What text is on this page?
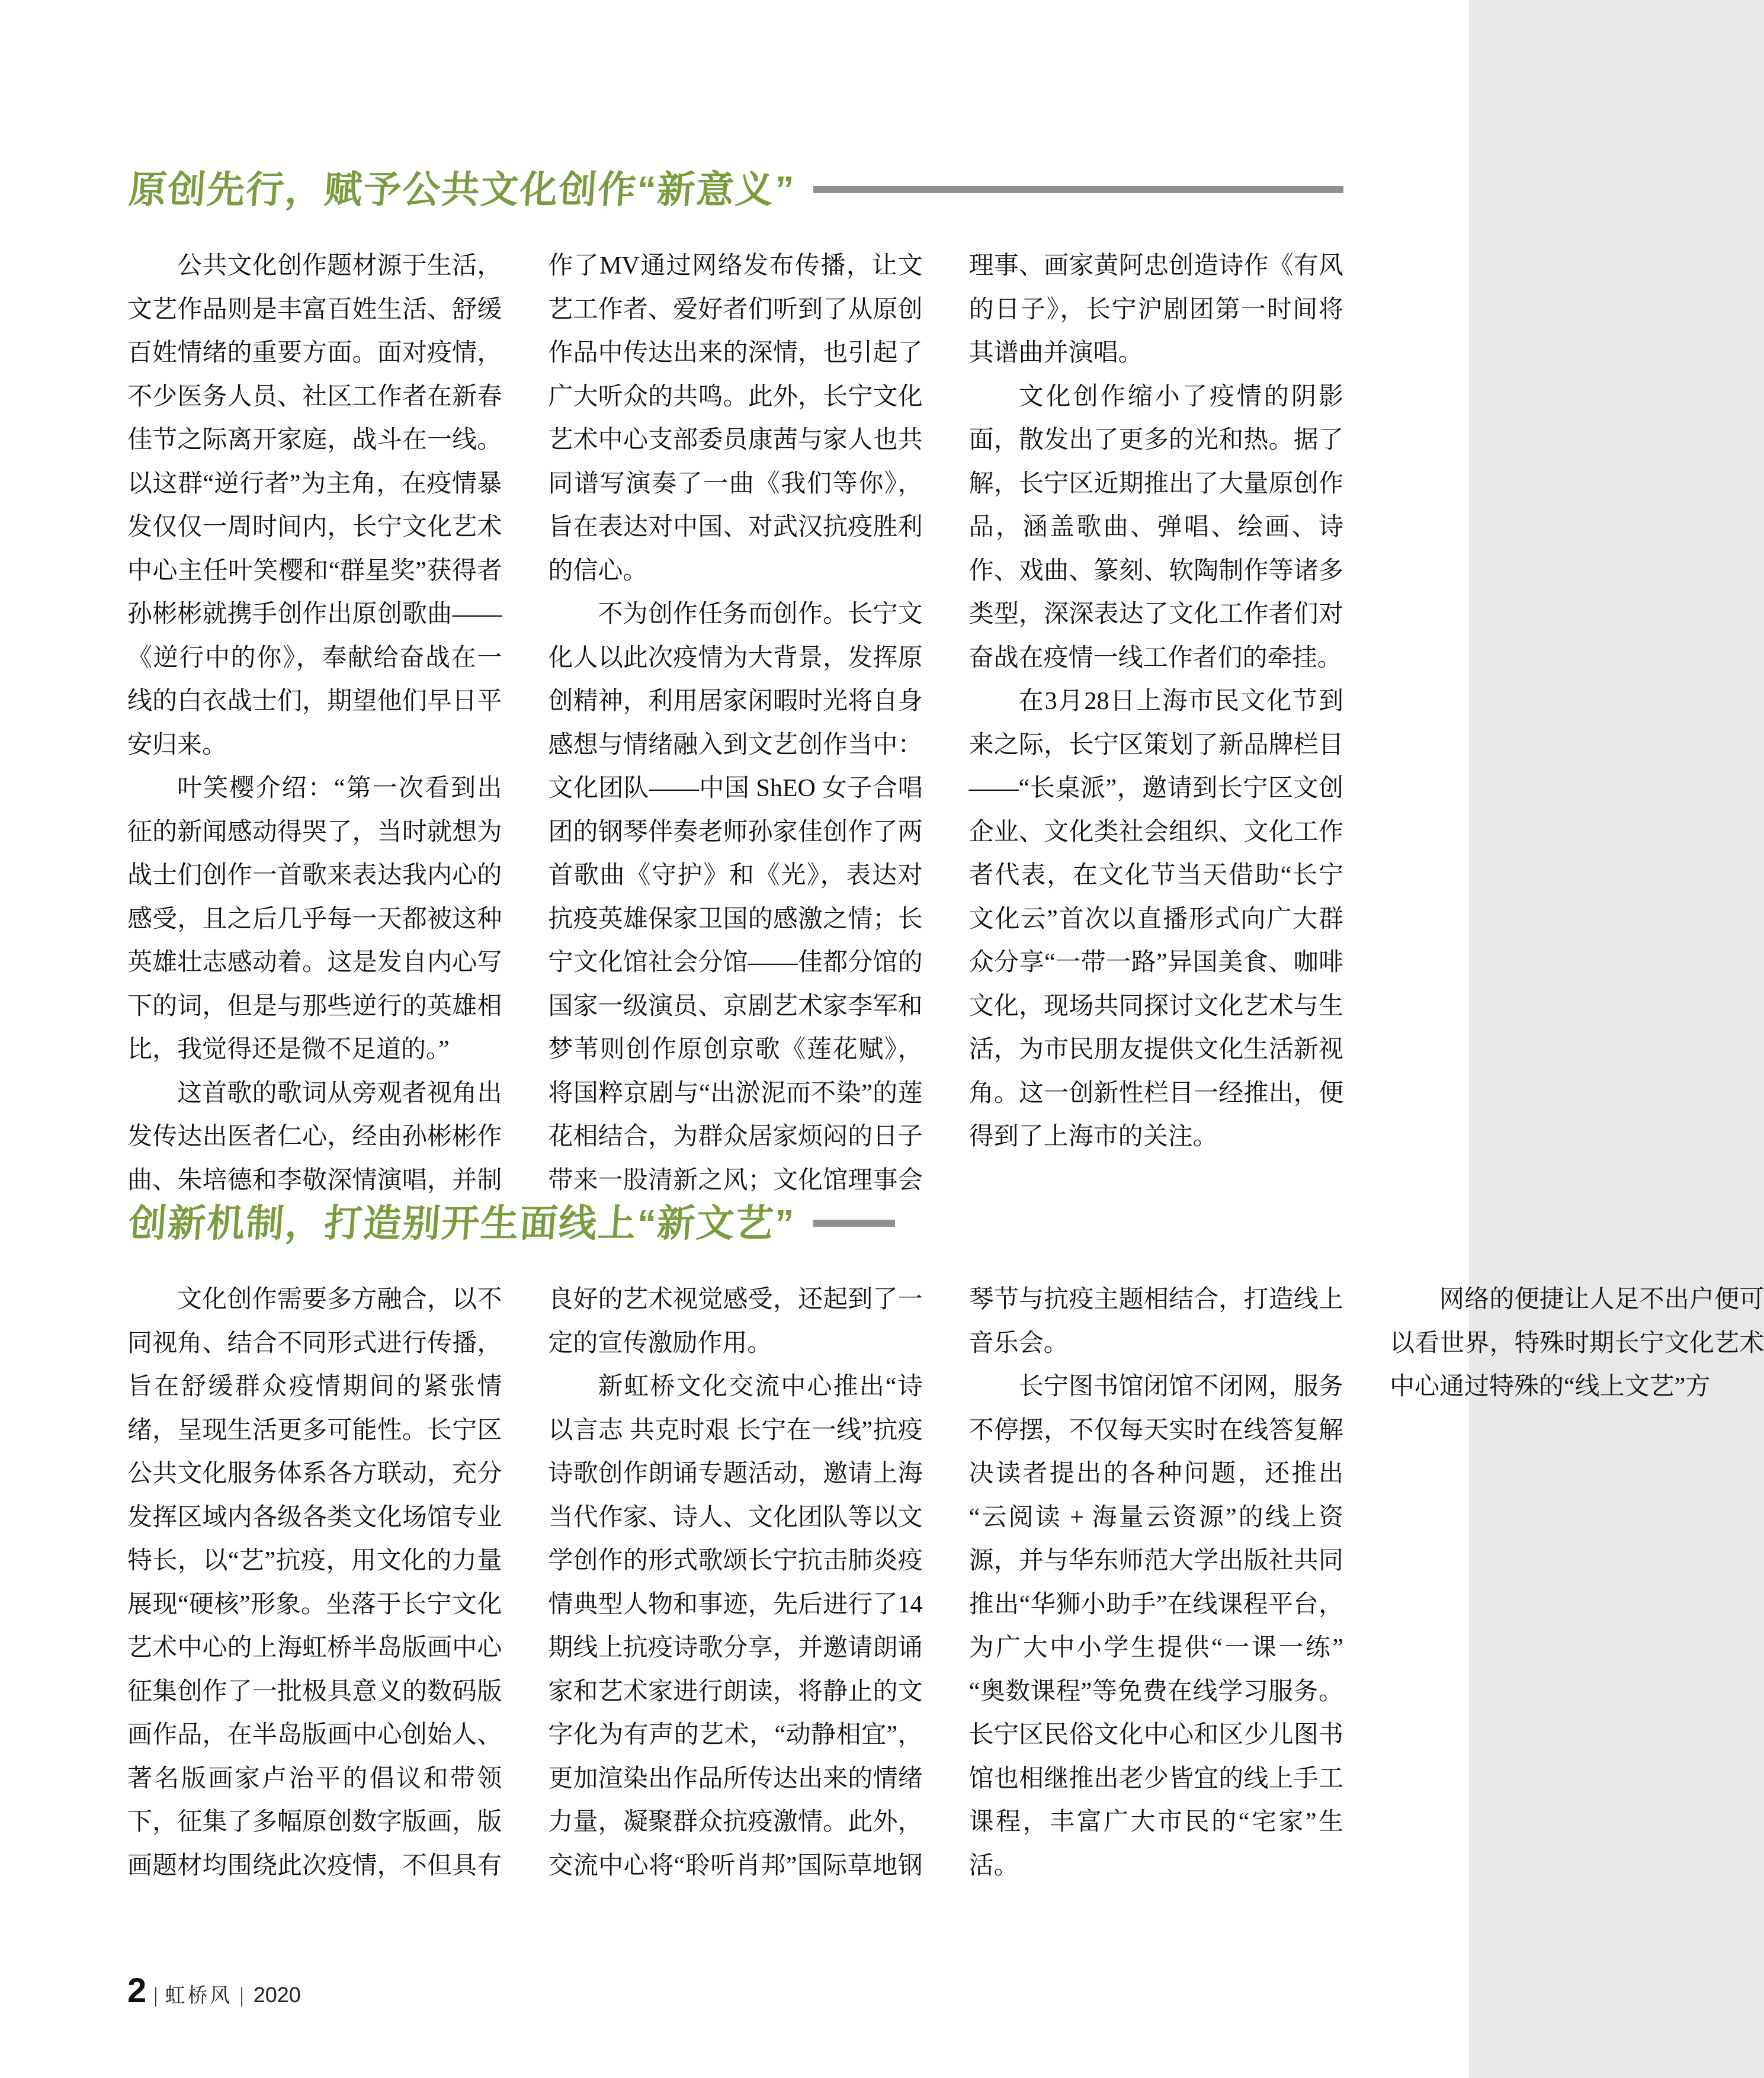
原创先行，赋予公共文化创作“新意义”

公共文化创作题材源于生活，文艺作品则是丰富百姓生活、舒缓百姓情绪的重要方面。面对疫情，不少医务人员、社区工作者在新春佳节之际离开家庭，战斗在一线。以这群“逆行者”为主角，在疫情暴发仅仅一周时间内，长宁文化艺术中心主任叶笑樱和“群星奖”获得者孙彬彬就携手创作出原创歌曲——《逆行中的你》，奉献给奋战在一线的白衣战士们，期望他们早日平安归来。

叶笑樱介绍：“第一次看到出征的新闻感动得哭了，当时就想为战士们创作一首歌来表达我内心的感受，且之后几乎每一天都被这种英雄壮志感动着。这是发自内心写下的词，但是与那些逆行的英雄相比，我觉得还是微不足道的。”

这首歌的歌词从旁观者视角出发传达出医者仁心，经由孙彬彬作曲、朱培德和李敬深情演唱，并制作了MV通过网络发布传播，让文艺工作者、爱好者们听到了从原创作品中传达出来的深情，也引起了广大听众的共鸣。此外，长宁文化艺术中心支部委员康茜与家人也共同谱写演奏了一曲《我们等你》，旨在表达对中国、对武汉抗疫胜利的信心。

不为创作任务而创作。长宁文化人以此次疫情为大背景，发挥原创精神，利用居家闲暇时光将自身感想与情绪融入到文艺创作当中：文化团队——中国 ShEO 女子合唱团的钢琴伴奏老师孙家佳创作了两首歌曲《守护》和《光》，表达对抗疫英雄保家卫国的感激之情；长宁文化馆社会分馆——佳都分馆的国家一级演员、京剧艺术家李军和梦苇则创作原创京歌《莲花赋》，将国粹京剧与“出淤泥而不染”的莲花相结合，为群众居家烦闷的日子带来一股清新之风；文化馆理事会理事、画家黄阿忠创造诗作《有风的日子》，长宁沪剧团第一时间将其谱曲并演唱。

文化创作缩小了疫情的阴影面，散发出了更多的光和热。据了解，长宁区近期推出了大量原创作品，涵盖歌曲、弹唱、绘画、诗作、戏曲、篆刻、软陶制作等诸多类型，深深表达了文化工作者们对奋战在疫情一线工作者们的牵挂。

在3月28日上海市民文化节到来之际，长宁区策划了新品牌栏目——“长桌派”，邀请到长宁区文创企业、文化类社会组织、文化工作者代表，在文化节当天借助“长宁文化云”首次以直播形式向广大群众分享“一带一路”异国美食、咖啡文化，现场共同探讨文化艺术与生活，为市民朋友提供文化生活新视角。这一创新性栏目一经推出，便得到了上海市的关注。

创新机制，打造别开生面线上“新文艺”

文化创作需要多方融合，以不同视角、结合不同形式进行传播，旨在舒缓群众疫情期间的紧张情绪，呈现生活更多可能性。长宁区公共文化服务体系各方联动，充分发挥区域内各级各类文化场馆专业特长，以“艺”抗疫，用文化的力量展现“硬核”形象。坐落于长宁文化艺术中心的上海虹桥半岛版画中心征集创作了一批极具意义的数码版画作品，在半岛版画中心创始人、著名版画家卢治平的倡议和带领下，征集了多幅原创数字版画，版画题材均围绕此次疫情，不但具有良好的艺术视觉感受，还起到了一定的宣传激励作用。

新虹桥文化交流中心推出“诗以言志 共克时艰 长宁在一线”抗疫诗歌创作朗诵专题活动，邀请上海当代作家、诗人、文化团队等以文学创作的形式歌颂长宁抗击肺炎疫情典型人物和事迹，先后进行了14 期线上抗疫诗歌分享，并邀请朗诵家和艺术家进行朗读，将静止的文字化为有声的艺术，“动静相宜”，更加渲染出作品所传达出来的情绪力量，凝聚群众抗疫激情。此外，交流中心将“聆听肖邦”国际草地钢琴节与抗疫主题相结合，打造线上音乐会。

长宁图书馆闭馆不闭网，服务不停摆，不仅每天实时在线答复解决读者提出的各种问题，还推出“云阅读 + 海量云资源”的线上资源，并与华东师范大学出版社共同推出“华狮小助手”在线课程平台，为广大中小学生提供“一课一练”“奥数课程”等免费在线学习服务。长宁区民俗文化中心和区少儿图书馆也相继推出老少皆宜的线上手工课程，丰富广大市民的“宅家”生活。

网络的便捷让人足不出户便可以看世界，特殊时期长宁文化艺术中心通过特殊的“线上文艺”方

2 | 虹桥风 | 2020
